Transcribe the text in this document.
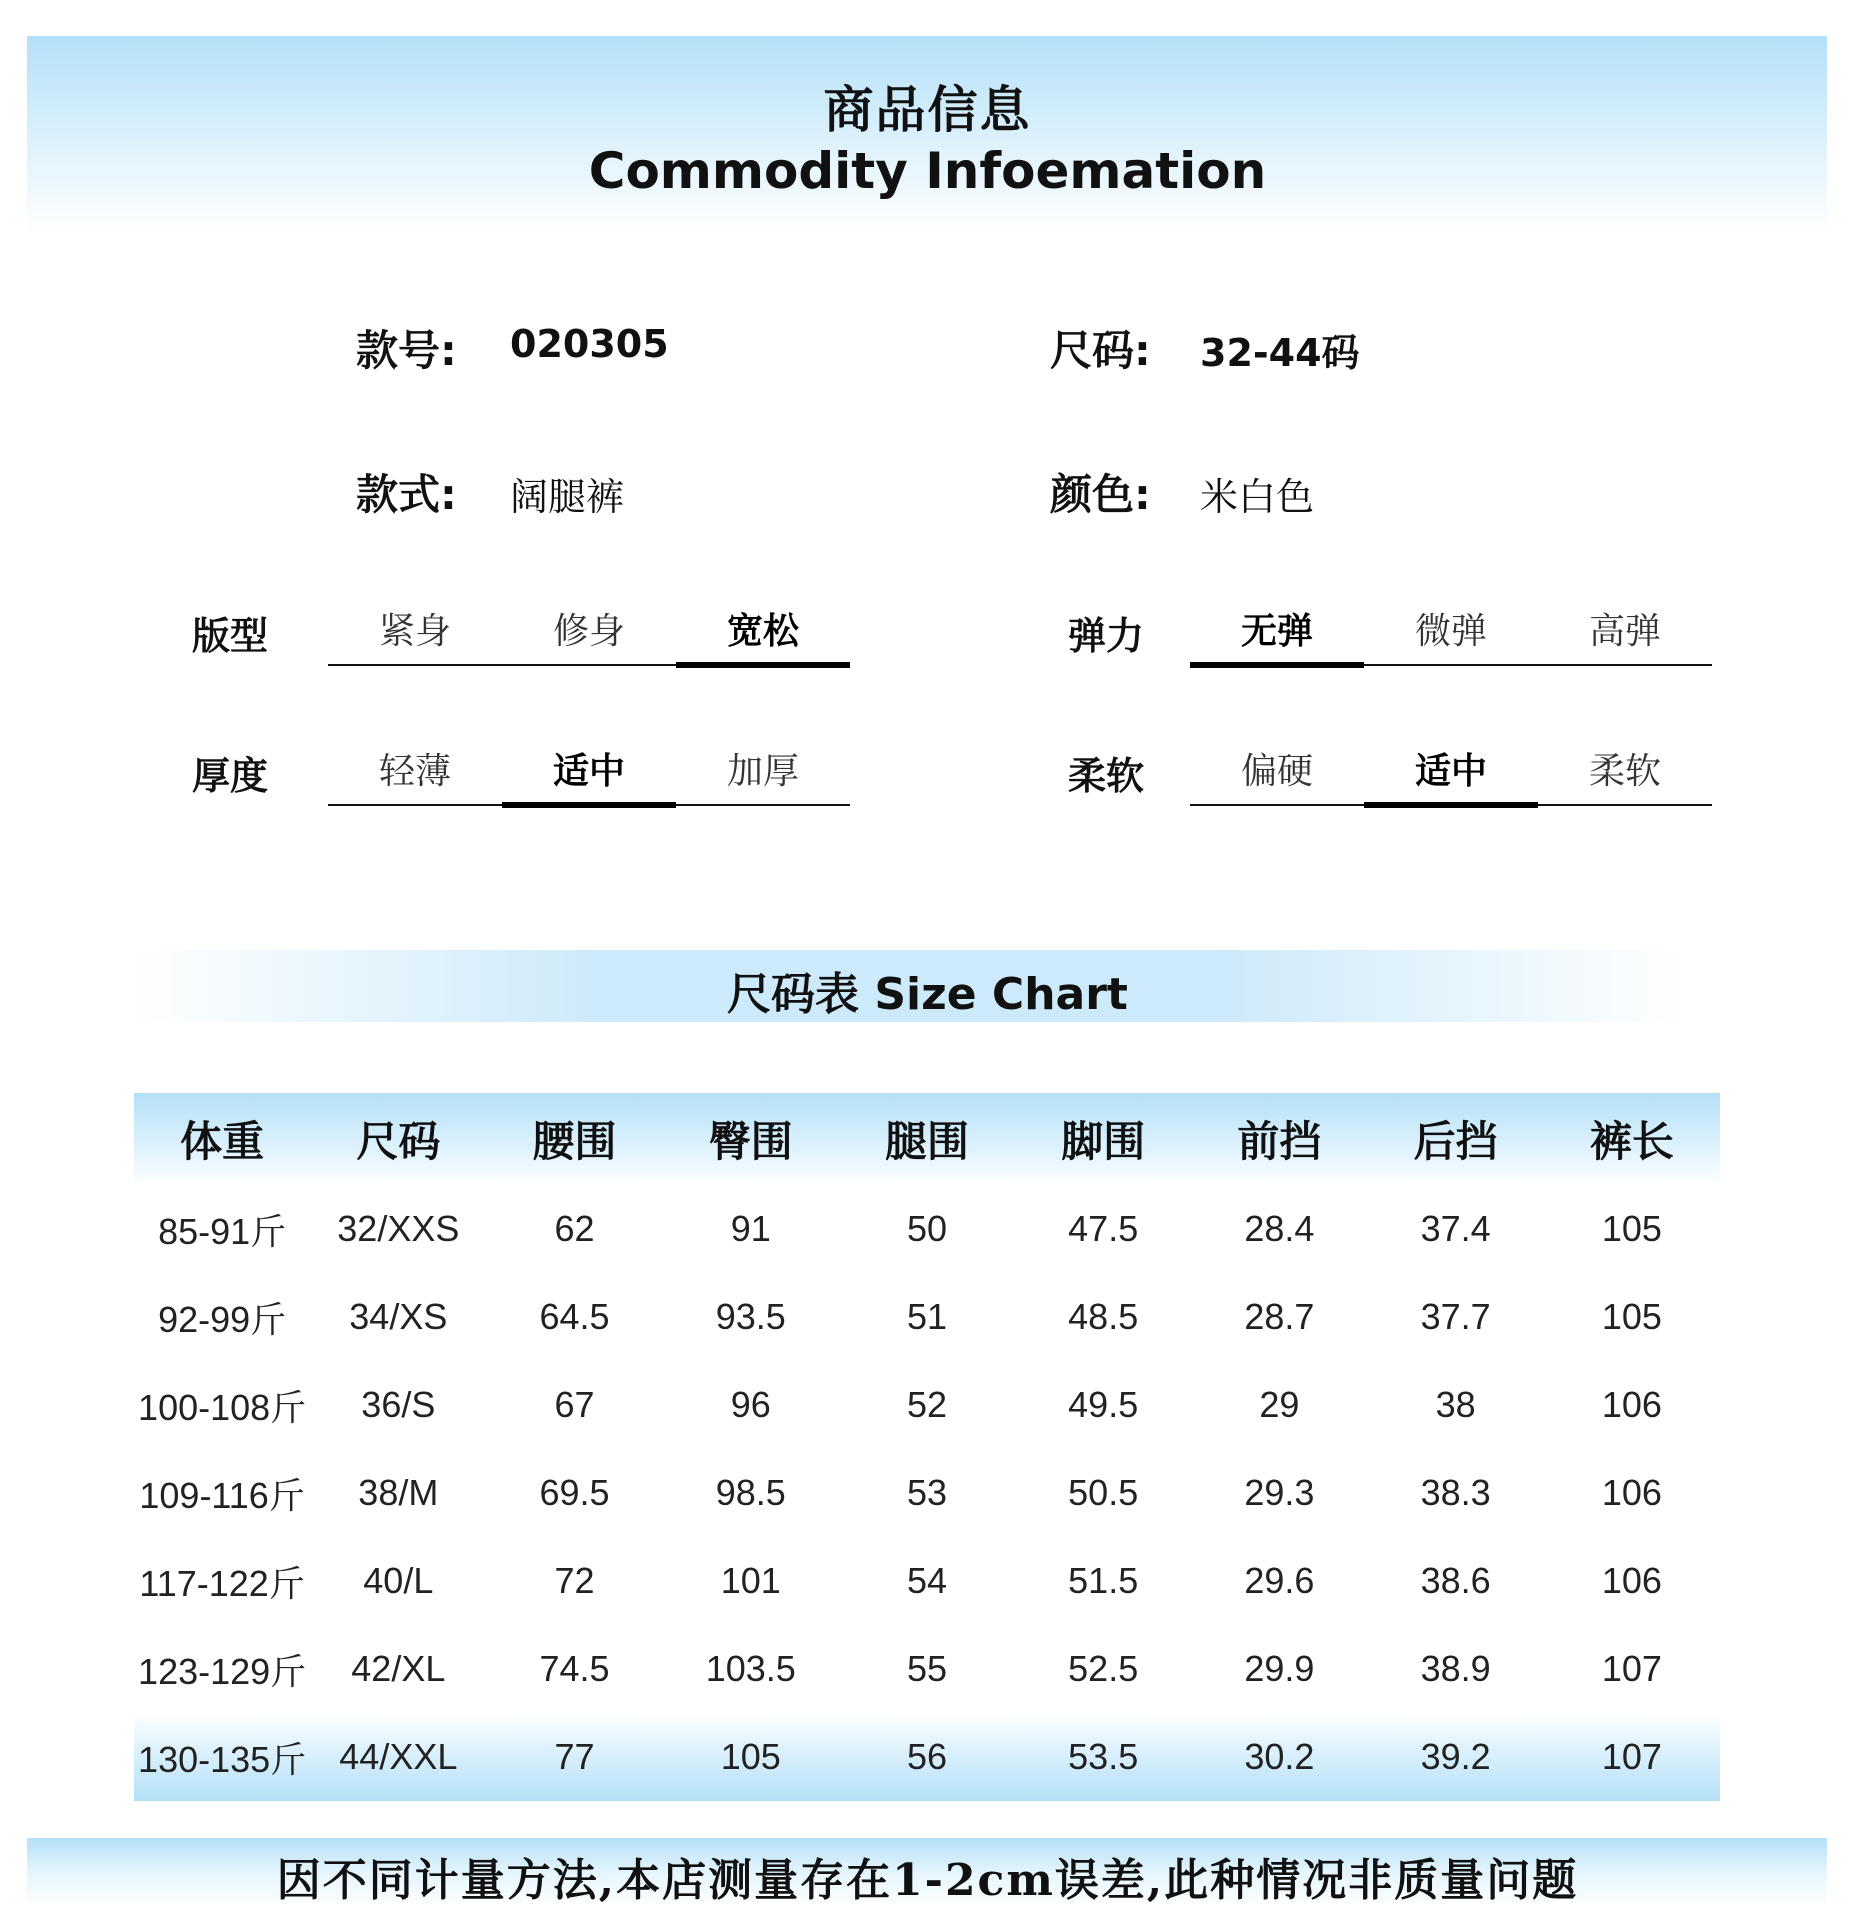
商品信息
Commodity Infoemation
款号: 020305	尺码: 32-44码
款式: 阔腿裤	颜色: 米白色
版型	紧身	修身	宽松	弹力	无弹	微弹	高弹
厚度	轻薄	适中	加厚	柔软	偏硬	适中	柔软
尺码表 Size Chart
体重	尺码	腰围	臀围	腿围	脚围	前挡	后挡	裤长
85-91斤	32/XXS	62	91	50	47.5	28.4	37.4	105
92-99斤	34/XS	64.5	93.5	51	48.5	28.7	37.7	105
100-108斤	36/S	67	96	52	49.5	29	38	106
109-116斤	38/M	69.5	98.5	53	50.5	29.3	38.3	106
117-122斤	40/L	72	101	54	51.5	29.6	38.6	106
123-129斤	42/XL	74.5	103.5	55	52.5	29.9	38.9	107
130-135斤	44/XXL	77	105	56	53.5	30.2	39.2	107
因不同计量方法,本店测量存在1-2cm误差,此种情况非质量问题
